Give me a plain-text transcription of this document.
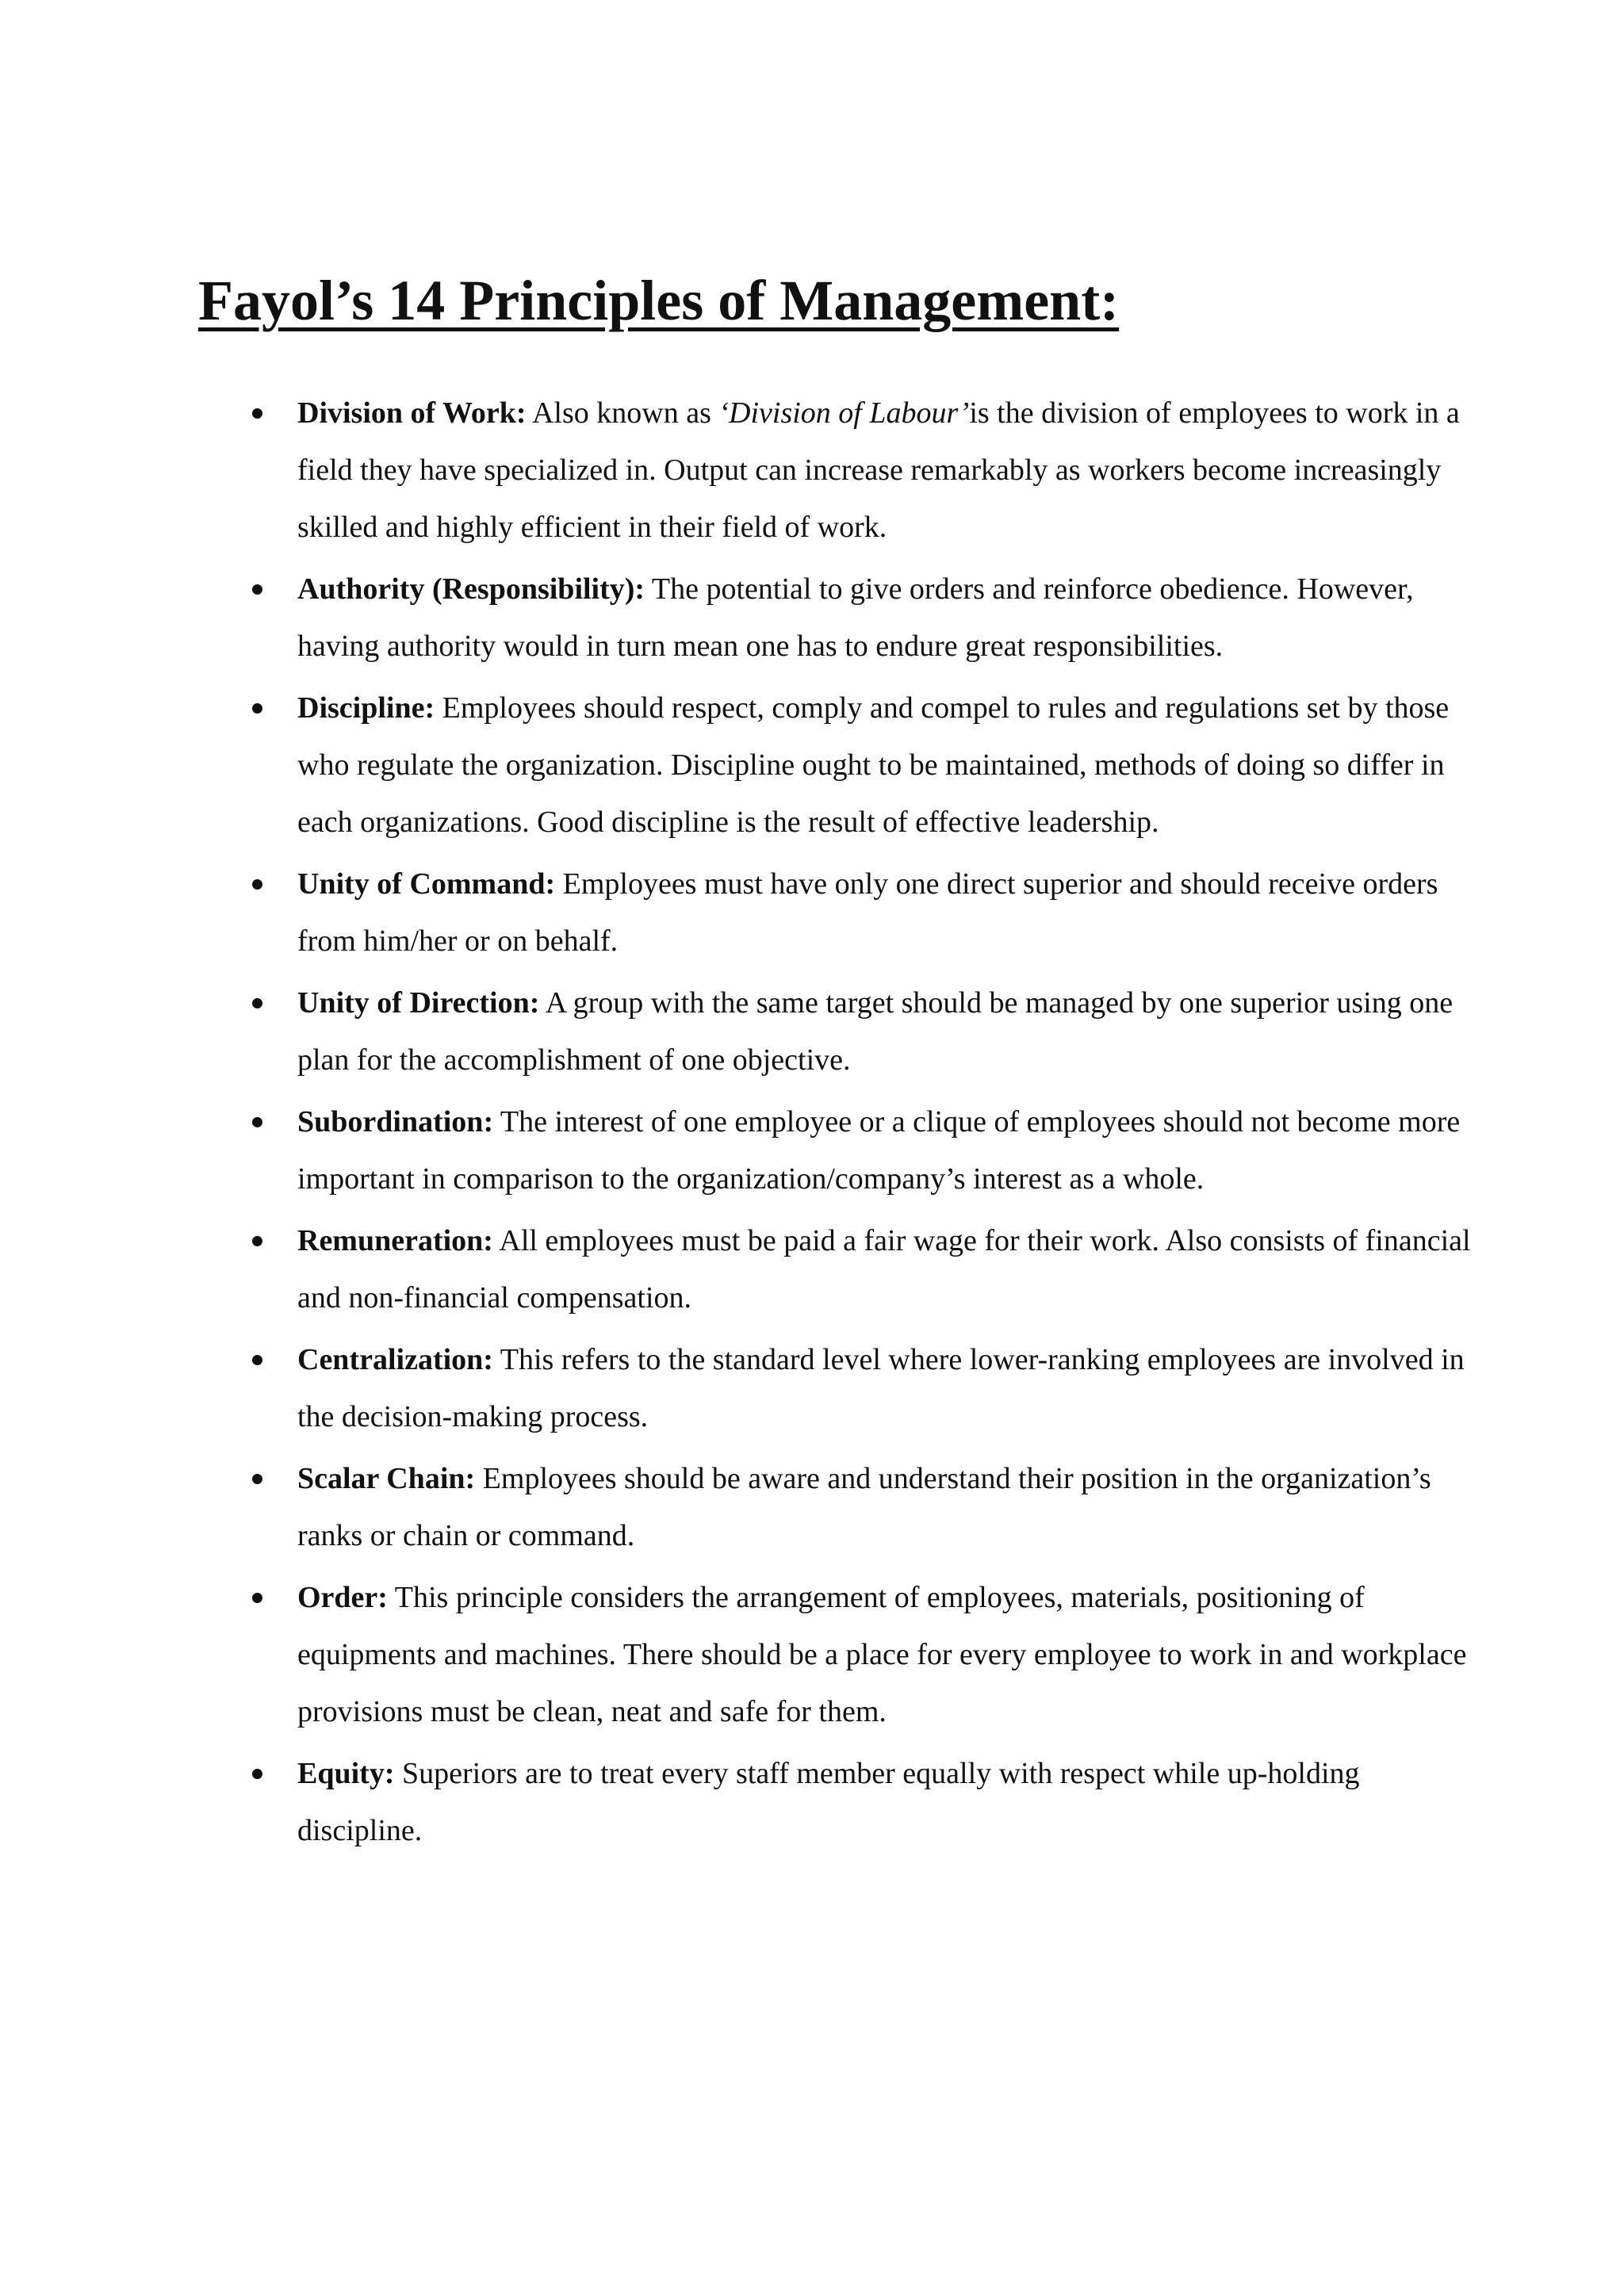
Fayol’s 14 Principles of Management:
Division of Work: Also known as ‘Division of Labour’is the division of employees to work in a field they have specialized in. Output can increase remarkably as workers become increasingly skilled and highly efficient in their field of work.
Authority (Responsibility): The potential to give orders and reinforce obedience. However, having authority would in turn mean one has to endure great responsibilities.
Discipline: Employees should respect, comply and compel to rules and regulations set by those who regulate the organization. Discipline ought to be maintained, methods of doing so differ in each organizations. Good discipline is the result of effective leadership.
Unity of Command: Employees must have only one direct superior and should receive orders from him/her or on behalf.
Unity of Direction: A group with the same target should be managed by one superior using one plan for the accomplishment of one objective.
Subordination: The interest of one employee or a clique of employees should not become more important in comparison to the organization/company’s interest as a whole.
Remuneration: All employees must be paid a fair wage for their work. Also consists of financial and non-financial compensation.
Centralization: This refers to the standard level where lower-ranking employees are involved in the decision-making process.
Scalar Chain: Employees should be aware and understand their position in the organization’s ranks or chain or command.
Order: This principle considers the arrangement of employees, materials, positioning of equipments and machines. There should be a place for every employee to work in and workplace provisions must be clean, neat and safe for them.
Equity: Superiors are to treat every staff member equally with respect while up-holding discipline.
